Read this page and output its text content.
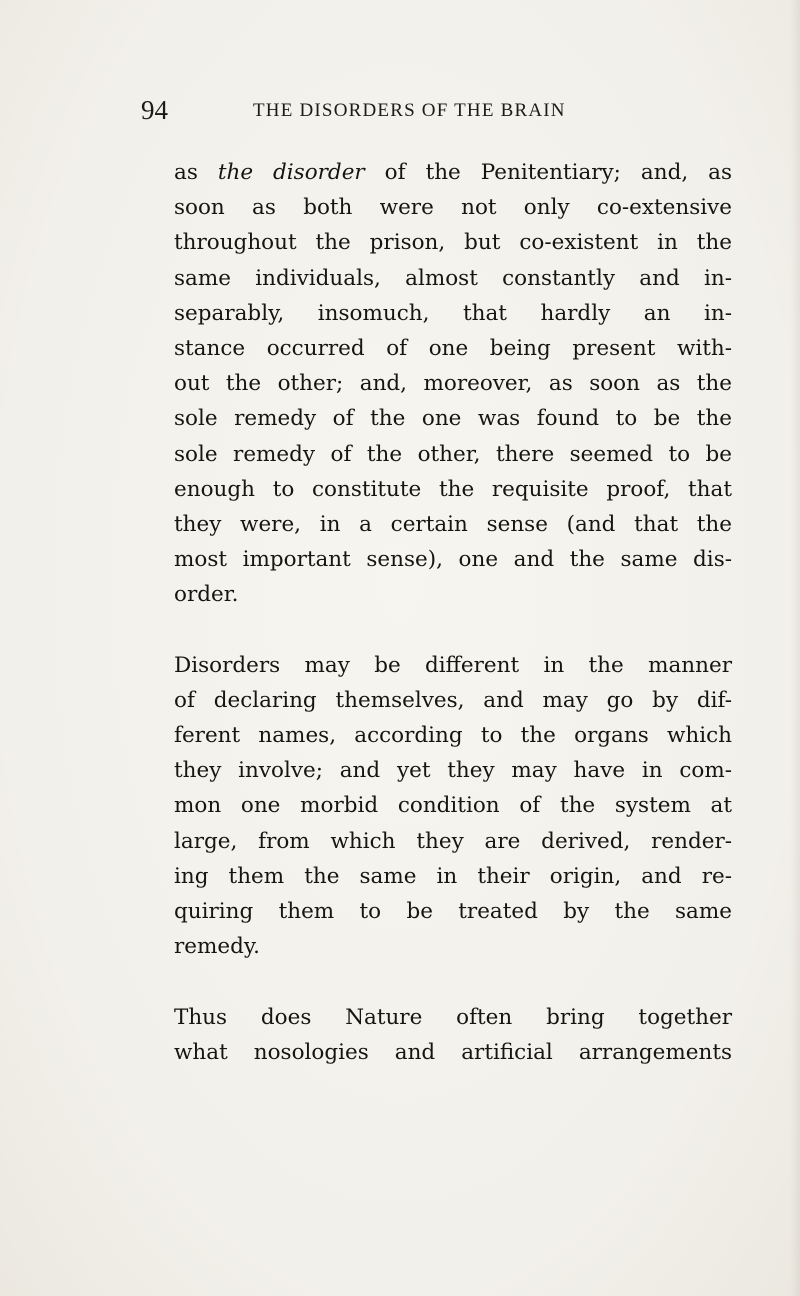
94	THE DISORDERS OF THE BRAIN

as the disorder of the Penitentiary; and, as
soon as both were not only co-extensive
throughout the prison, but co-existent in the
same individuals, almost constantly and in-
separably, insomuch, that hardly an in-
stance occurred of one being present with-
out the other; and, moreover, as soon as the
sole remedy of the one was found to be the
sole remedy of the other, there seemed to be
enough to constitute the requisite proof, that
they were, in a certain sense (and that the
most important sense), one and the same dis-
order.

Disorders may be different in the manner
of declaring themselves, and may go by dif-
ferent names, according to the organs which
they involve; and yet they may have in com-
mon one morbid condition of the system at
large, from which they are derived, render-
ing them the same in their origin, and re-
quiring them to be treated by the same
remedy.

Thus does Nature often bring together
what nosologies and artificial arrangements
